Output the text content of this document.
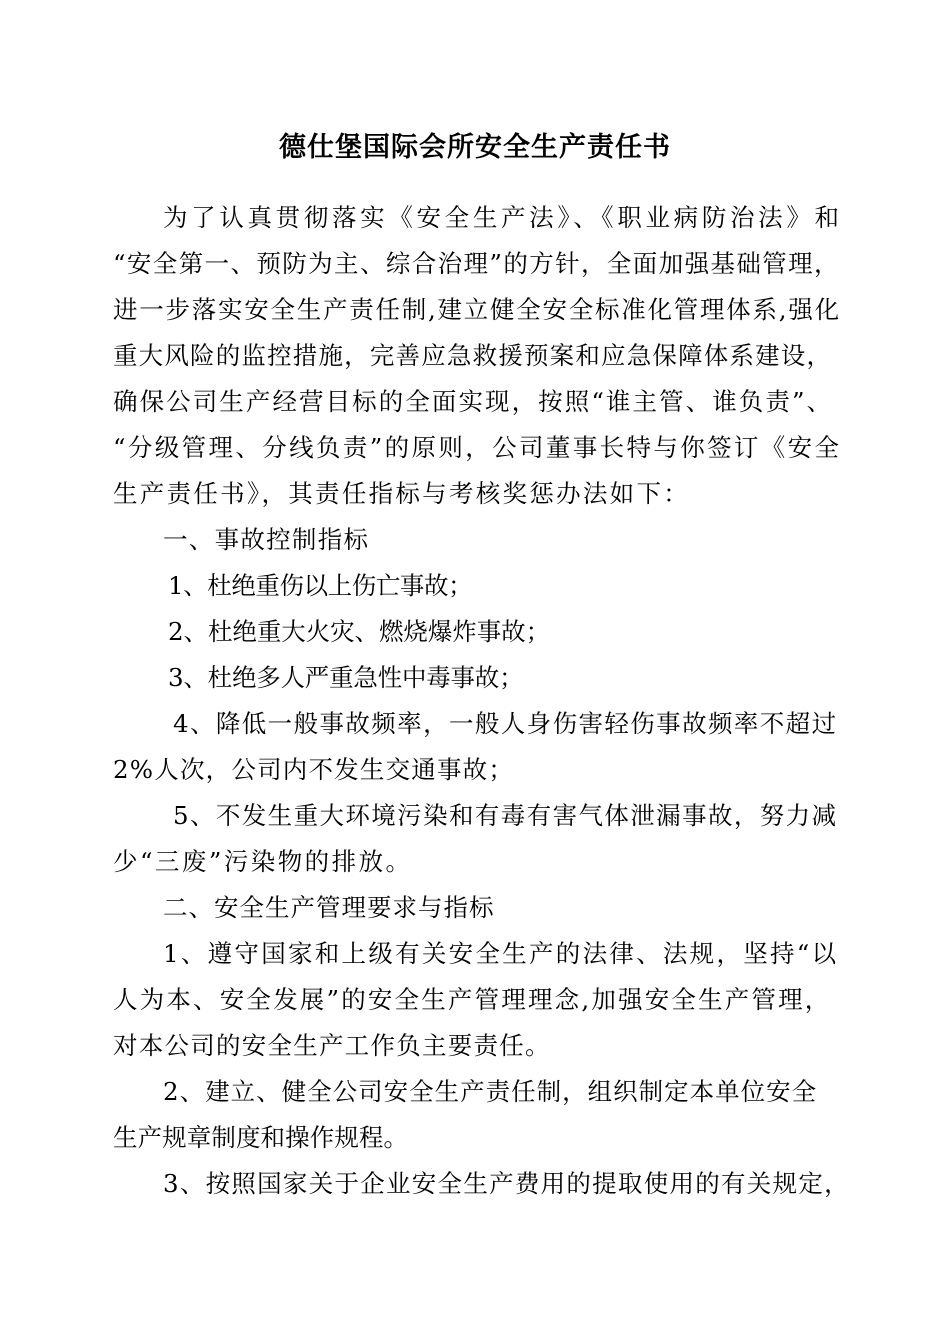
德仕堡国际会所安全生产责任书
为了认真贯彻落实《安全生产法》、《职业病防治法》和
“安全第一、预防为主、综合治理”的方针，全面加强基础管理，
进一步落实安全生产责任制,建立健全安全标准化管理体系,强化
重大风险的监控措施，完善应急救援预案和应急保障体系建设，
确保公司生产经营目标的全面实现，按照“谁主管、谁负责”、
“分级管理、分线负责”的原则，公司董事长特与你签订《安全
生产责任书》，其责任指标与考核奖惩办法如下：
一、事故控制指标
1、杜绝重伤以上伤亡事故；
2、杜绝重大火灾、燃烧爆炸事故；
3、杜绝多人严重急性中毒事故；
4、降低一般事故频率，一般人身伤害轻伤事故频率不超过
2%人次，公司内不发生交通事故；
5、不发生重大环境污染和有毒有害气体泄漏事故，努力减
少“三废”污染物的排放。
二、安全生产管理要求与指标
1、遵守国家和上级有关安全生产的法律、法规，坚持“以
人为本、安全发展”的安全生产管理理念,加强安全生产管理，
对本公司的安全生产工作负主要责任。
2、建立、健全公司安全生产责任制，组织制定本单位安全
生产规章制度和操作规程。
3、按照国家关于企业安全生产费用的提取使用的有关规定，
